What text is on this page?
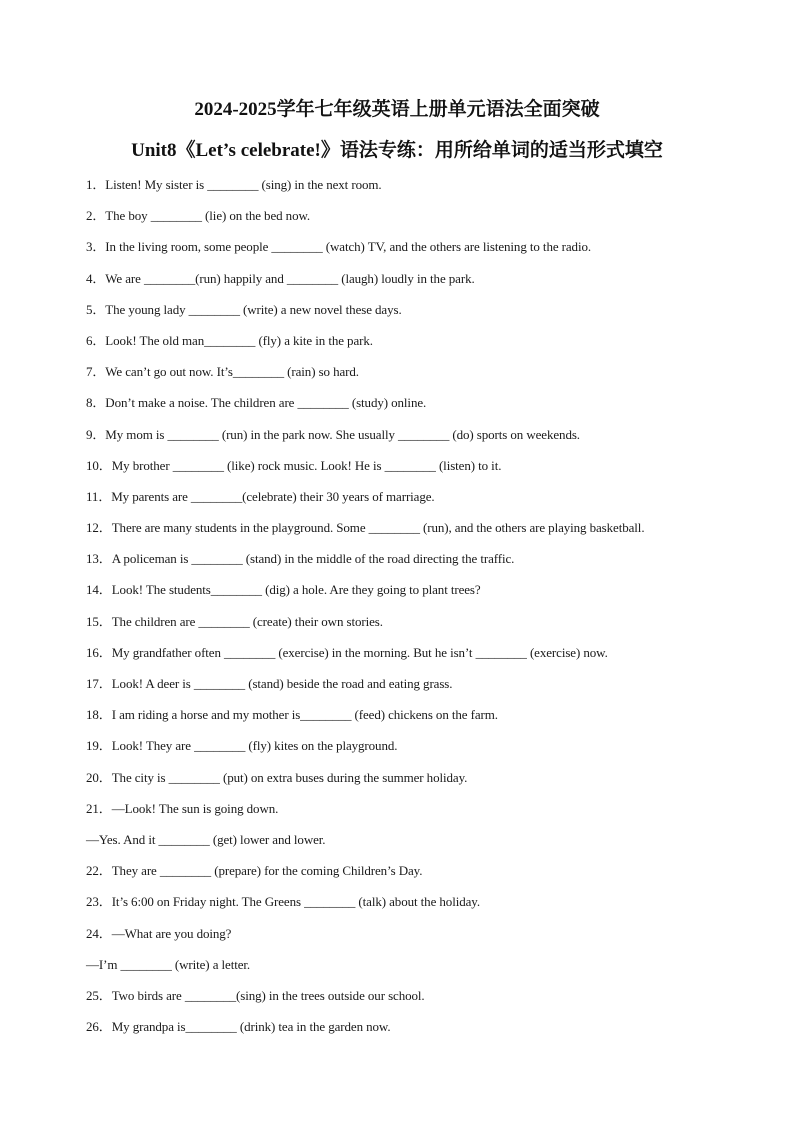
2024-2025学年七年级英语上册单元语法全面突破
Unit8《Let’s celebrate!》语法专练：用所给单词的适当形式填空
1．Listen! My sister is ________ (sing) in the next room.
2．The boy ________ (lie) on the bed now.
3．In the living room, some people ________ (watch) TV, and the others are listening to the radio.
4．We are ________(run) happily and ________ (laugh) loudly in the park.
5．The young lady ________ (write) a new novel these days.
6．Look! The old man________ (fly) a kite in the park.
7．We can’t go out now. It’s________ (rain) so hard.
8．Don’t make a noise. The children are ________ (study) online.
9．My mom is ________ (run) in the park now. She usually ________ (do) sports on weekends.
10．My brother ________ (like) rock music. Look! He is ________ (listen) to it.
11．My parents are ________(celebrate) their 30 years of marriage.
12．There are many students in the playground. Some ________ (run), and the others are playing basketball.
13．A policeman is ________ (stand) in the middle of the road directing the traffic.
14．Look! The students________ (dig) a hole. Are they going to plant trees?
15．The children are ________ (create) their own stories.
16．My grandfather often ________ (exercise) in the morning. But he isn’t ________ (exercise) now.
17．Look! A deer is ________ (stand) beside the road and eating grass.
18．I am riding a horse and my mother is________ (feed) chickens on the farm.
19．Look! They are ________ (fly) kites on the playground.
20．The city is ________ (put) on extra buses during the summer holiday.
21．—Look! The sun is going down.
—Yes. And it ________ (get) lower and lower.
22．They are ________ (prepare) for the coming Children’s Day.
23．It’s 6:00 on Friday night. The Greens ________ (talk) about the holiday.
24．—What are you doing?
—I’m ________ (write) a letter.
25．Two birds are ________(sing) in the trees outside our school.
26．My grandpa is________ (drink) tea in the garden now.
